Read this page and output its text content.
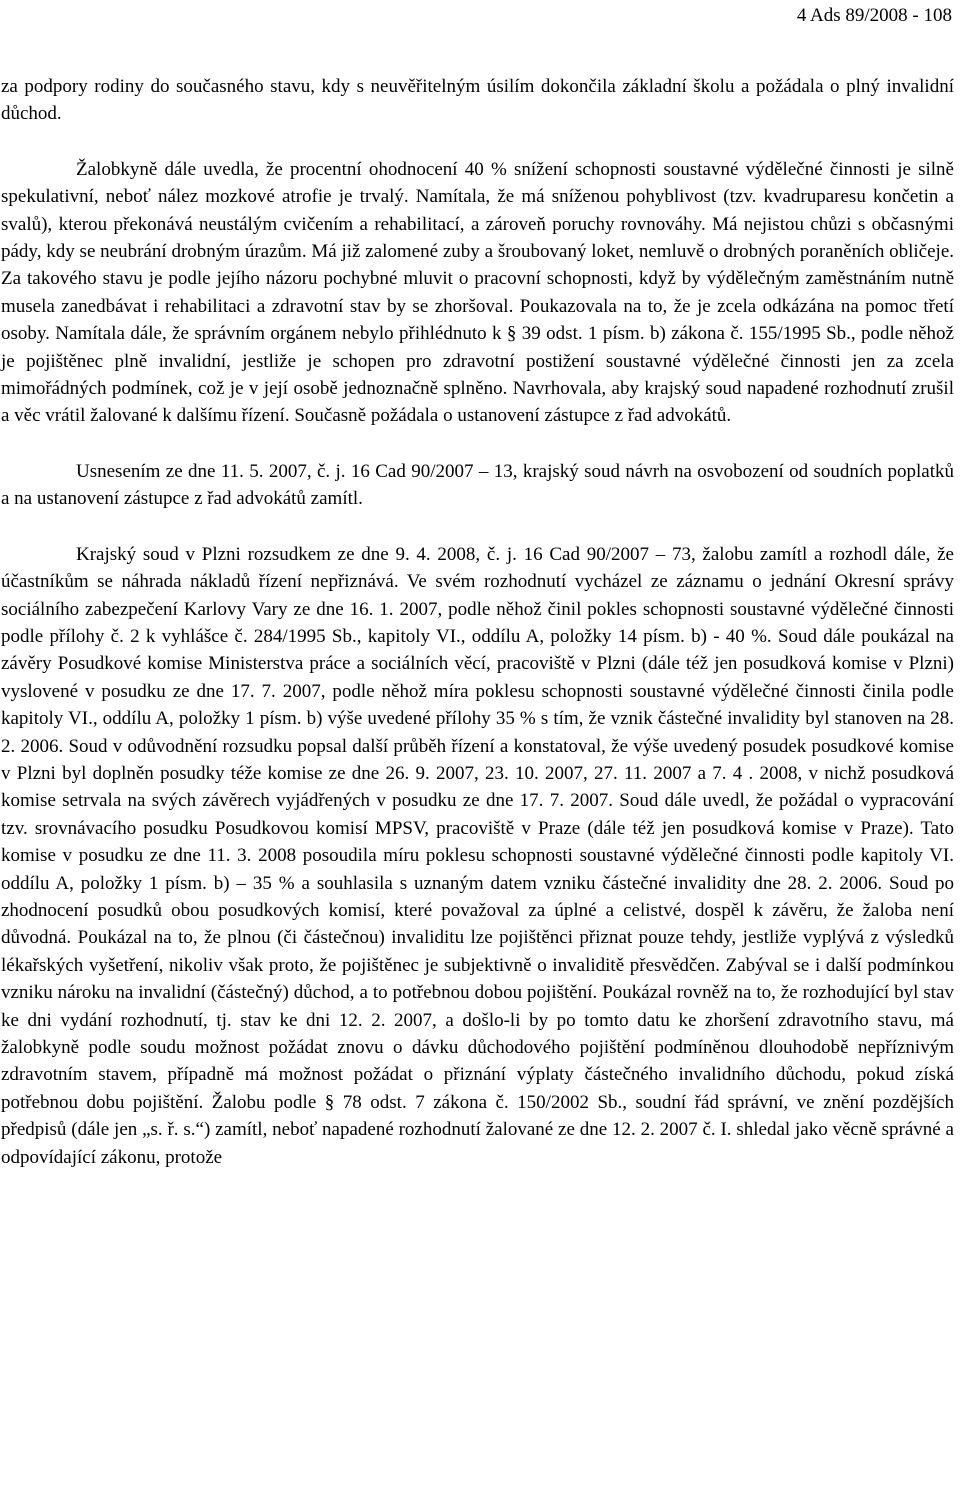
4 Ads 89/2008 - 108

za podpory rodiny do současného stavu, kdy s neuvěřitelným úsilím dokončila základní školu a požádala o plný invalidní důchod.

Žalobkyně dále uvedla, že procentní ohodnocení 40 % snížení schopnosti soustavné výdělečné činnosti je silně spekulativní, neboť nález mozkové atrofie je trvalý. Namítala, že má sníženou pohyblivost (tzv. kvadruparesu končetin a svalů), kterou překonává neustálým cvičením a rehabilitací, a zároveň poruchy rovnováhy. Má nejistou chůzi s občasnými pády, kdy se neubrání drobným úrazům. Má již zalomené zuby a šroubovaný loket, nemluvě o drobných poraněních obličeje. Za takového stavu je podle jejího názoru pochybné mluvit o pracovní schopnosti, když by výdělečným zaměstnáním nutně musela zanedbávat i rehabilitaci a zdravotní stav by se zhoršoval. Poukazovala na to, že je zcela odkázána na pomoc třetí osoby. Namítala dále, že správním orgánem nebylo přihlédnuto k § 39 odst. 1 písm. b) zákona č. 155/1995 Sb., podle něhož je pojištěnec plně invalidní, jestliže je schopen pro zdravotní postižení soustavné výdělečné činnosti jen za zcela mimořádných podmínek, což je v její osobě jednoznačně splněno. Navrhovala, aby krajský soud napadené rozhodnutí zrušil a věc vrátil žalované k dalšímu řízení. Současně požádala o ustanovení zástupce z řad advokátů.

Usnesením ze dne 11. 5. 2007, č. j. 16 Cad 90/2007 – 13, krajský soud návrh na osvobození od soudních poplatků a na ustanovení zástupce z řad advokátů zamítl.

Krajský soud v Plzni rozsudkem ze dne 9. 4. 2008, č. j. 16 Cad 90/2007 – 73, žalobu zamítl a rozhodl dále, že účastníkům se náhrada nákladů řízení nepřiznává. Ve svém rozhodnutí vycházel ze záznamu o jednání Okresní správy sociálního zabezpečení Karlovy Vary ze dne 16. 1. 2007, podle něhož činil pokles schopnosti soustavné výdělečné činnosti podle přílohy č. 2 k vyhlášce č. 284/1995 Sb., kapitoly VI., oddílu A, položky 14 písm. b) - 40 %. Soud dále poukázal na závěry Posudkové komise Ministerstva práce a sociálních věcí, pracoviště v Plzni (dále též jen posudková komise v Plzni) vyslovené v posudku ze dne 17. 7. 2007, podle něhož míra poklesu schopnosti soustavné výdělečné činnosti činila podle kapitoly VI., oddílu A, položky 1 písm. b) výše uvedené přílohy 35 % s tím, že vznik částečné invalidity byl stanoven na 28. 2. 2006. Soud v odůvodnění rozsudku popsal další průběh řízení a konstatoval, že výše uvedený posudek posudkové komise v Plzni byl doplněn posudky téže komise ze dne 26. 9. 2007, 23. 10. 2007, 27. 11. 2007 a 7. 4 . 2008, v nichž posudková komise setrvala na svých závěrech vyjádřených v posudku ze dne 17. 7. 2007. Soud dále uvedl, že požádal o vypracování tzv. srovnávacího posudku Posudkovou komisí MPSV, pracoviště v Praze (dále též jen posudková komise v Praze). Tato komise v posudku ze dne 11. 3. 2008 posoudila míru poklesu schopnosti soustavné výdělečné činnosti podle kapitoly VI. oddílu A, položky 1 písm. b) – 35 % a souhlasila s uznaným datem vzniku částečné invalidity dne 28. 2. 2006. Soud po zhodnocení posudků obou posudkových komisí, které považoval za úplné a celistvé, dospěl k závěru, že žaloba není důvodná. Poukázal na to, že plnou (či částečnou) invaliditu lze pojištěnci přiznat pouze tehdy, jestliže vyplývá z výsledků lékařských vyšetření, nikoliv však proto, že pojištěnec je subjektivně o invaliditě přesvědčen. Zabýval se i další podmínkou vzniku nároku na invalidní (částečný) důchod, a to potřebnou dobou pojištění. Poukázal rovněž na to, že rozhodující byl stav ke dni vydání rozhodnutí, tj. stav ke dni 12. 2. 2007, a došlo-li by po tomto datu ke zhoršení zdravotního stavu, má žalobkyně podle soudu možnost požádat znovu o dávku důchodového pojištění podmíněnou dlouhodobě nepříznivým zdravotním stavem, případně má možnost požádat o přiznání výplaty částečného invalidního důchodu, pokud získá potřebnou dobu pojištění. Žalobu podle § 78 odst. 7 zákona č. 150/2002 Sb., soudní řád správní, ve znění pozdějších předpisů (dále jen „s. ř. s.“) zamítl, neboť napadené rozhodnutí žalované ze dne 12. 2. 2007 č. I. shledal jako věcně správné a odpovídající zákonu, protože
